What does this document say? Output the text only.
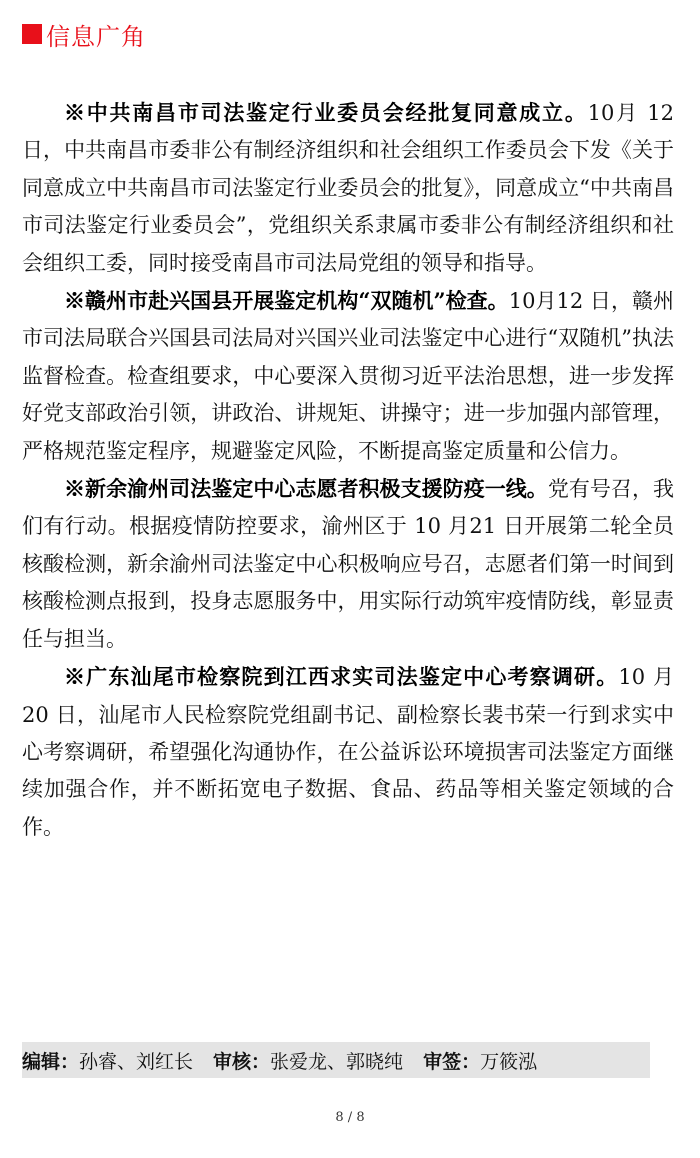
信息广角

※中共南昌市司法鉴定行业委员会经批复同意成立。10月 12 日，中共南昌市委非公有制经济组织和社会组织工作委员会下发《关于同意成立中共南昌市司法鉴定行业委员会的批复》，同意成立“中共南昌市司法鉴定行业委员会”，党组织关系隶属市委非公有制经济组织和社会组织工委，同时接受南昌市司法局党组的领导和指导。

※赣州市赴兴国县开展鉴定机构“双随机”检查。10月12 日，赣州市司法局联合兴国县司法局对兴国兴业司法鉴定中心进行“双随机”执法监督检查。检查组要求，中心要深入贯彻习近平法治思想，进一步发挥好党支部政治引领，讲政治、讲规矩、讲操守；进一步加强内部管理，严格规范鉴定程序，规避鉴定风险，不断提高鉴定质量和公信力。

※新余渝州司法鉴定中心志愿者积极支援防疫一线。党有号召，我们有行动。根据疫情防控要求，渝州区于 10 月21 日开展第二轮全员核酸检测，新余渝州司法鉴定中心积极响应号召，志愿者们第一时间到核酸检测点报到，投身志愿服务中，用实际行动筑牢疫情防线，彰显责任与担当。

※广东汕尾市检察院到江西求实司法鉴定中心考察调研。10 月 20 日，汕尾市人民检察院党组副书记、副检察长裴书荣一行到求实中心考察调研，希望强化沟通协作，在公益诉讼环境损害司法鉴定方面继续加强合作，并不断拓宽电子数据、食品、药品等相关鉴定领域的合作。

编辑： 孙睿、刘红长 审核： 张爱龙、郭晓纯 审签： 万筱泓
8 / 8
